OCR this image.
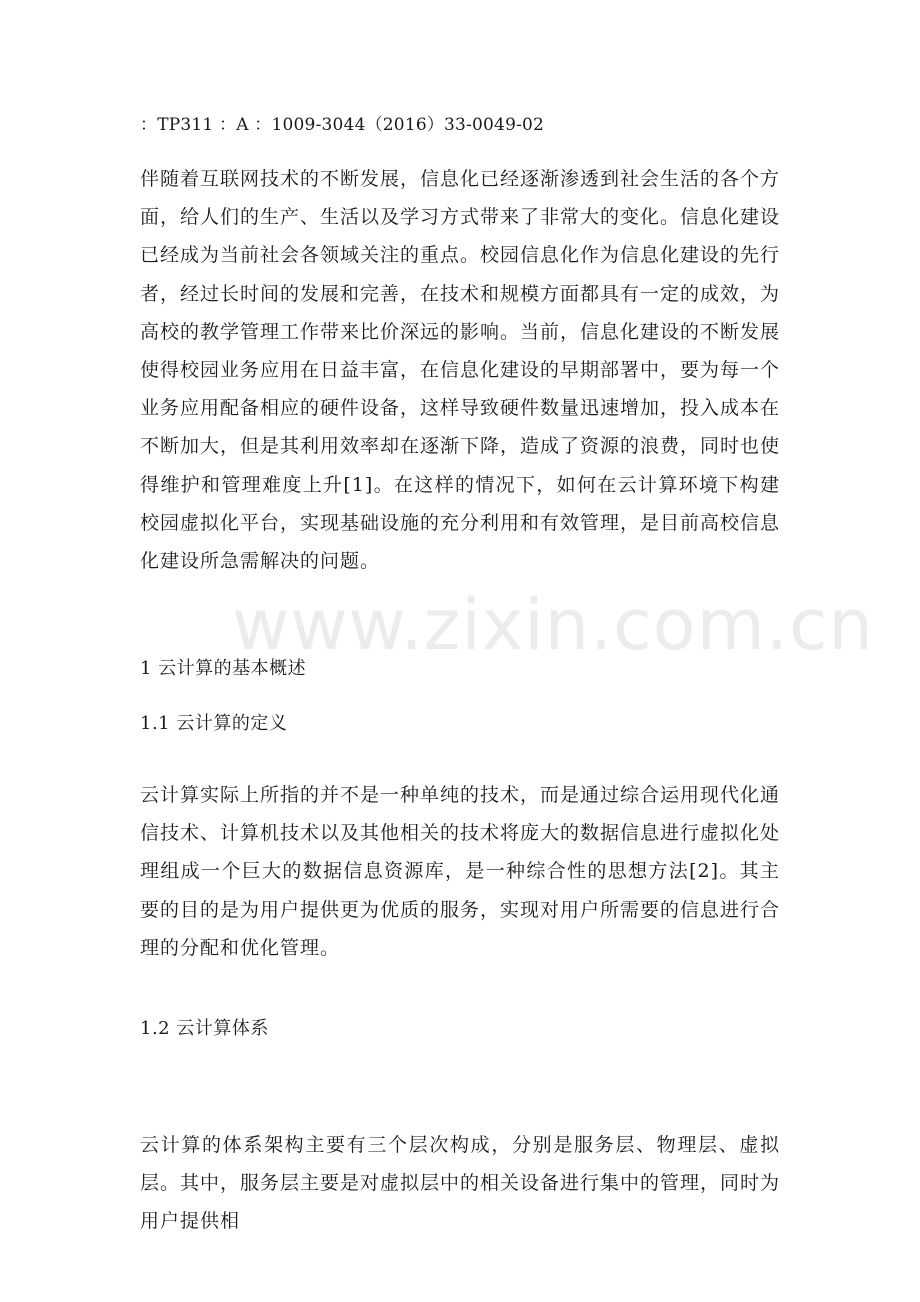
：TP311 ：A ：1009-3044（2016）33-0049-02

伴随着互联网技术的不断发展，信息化已经逐渐渗透到社会生活的各个方面，给人们的生产、生活以及学习方式带来了非常大的变化。信息化建设已经成为当前社会各领域关注的重点。校园信息化作为信息化建设的先行者，经过长时间的发展和完善，在技术和规模方面都具有一定的成效，为高校的教学管理工作带来比价深远的影响。当前，信息化建设的不断发展使得校园业务应用在日益丰富，在信息化建设的早期部署中，要为每一个业务应用配备相应的硬件设备，这样导致硬件数量迅速增加，投入成本在不断加大，但是其利用效率却在逐渐下降，造成了资源的浪费，同时也使得维护和管理难度上升[1]。在这样的情况下，如何在云计算环境下构建校园虚拟化平台，实现基础设施的充分利用和有效管理，是目前高校信息化建设所急需解决的问题。

1 云计算的基本概述
1.1 云计算的定义

云计算实际上所指的并不是一种单纯的技术，而是通过综合运用现代化通信技术、计算机技术以及其他相关的技术将庞大的数据信息进行虚拟化处理组成一个巨大的数据信息资源库，是一种综合性的思想方法[2]。其主要的目的是为用户提供更为优质的服务，实现对用户所需要的信息进行合理的分配和优化管理。

1.2 云计算体系

云计算的体系架构主要有三个层次构成，分别是服务层、物理层、虚拟层。其中，服务层主要是对虚拟层中的相关设备进行集中的管理，同时为用户提供相

www.zixin.com.cn
